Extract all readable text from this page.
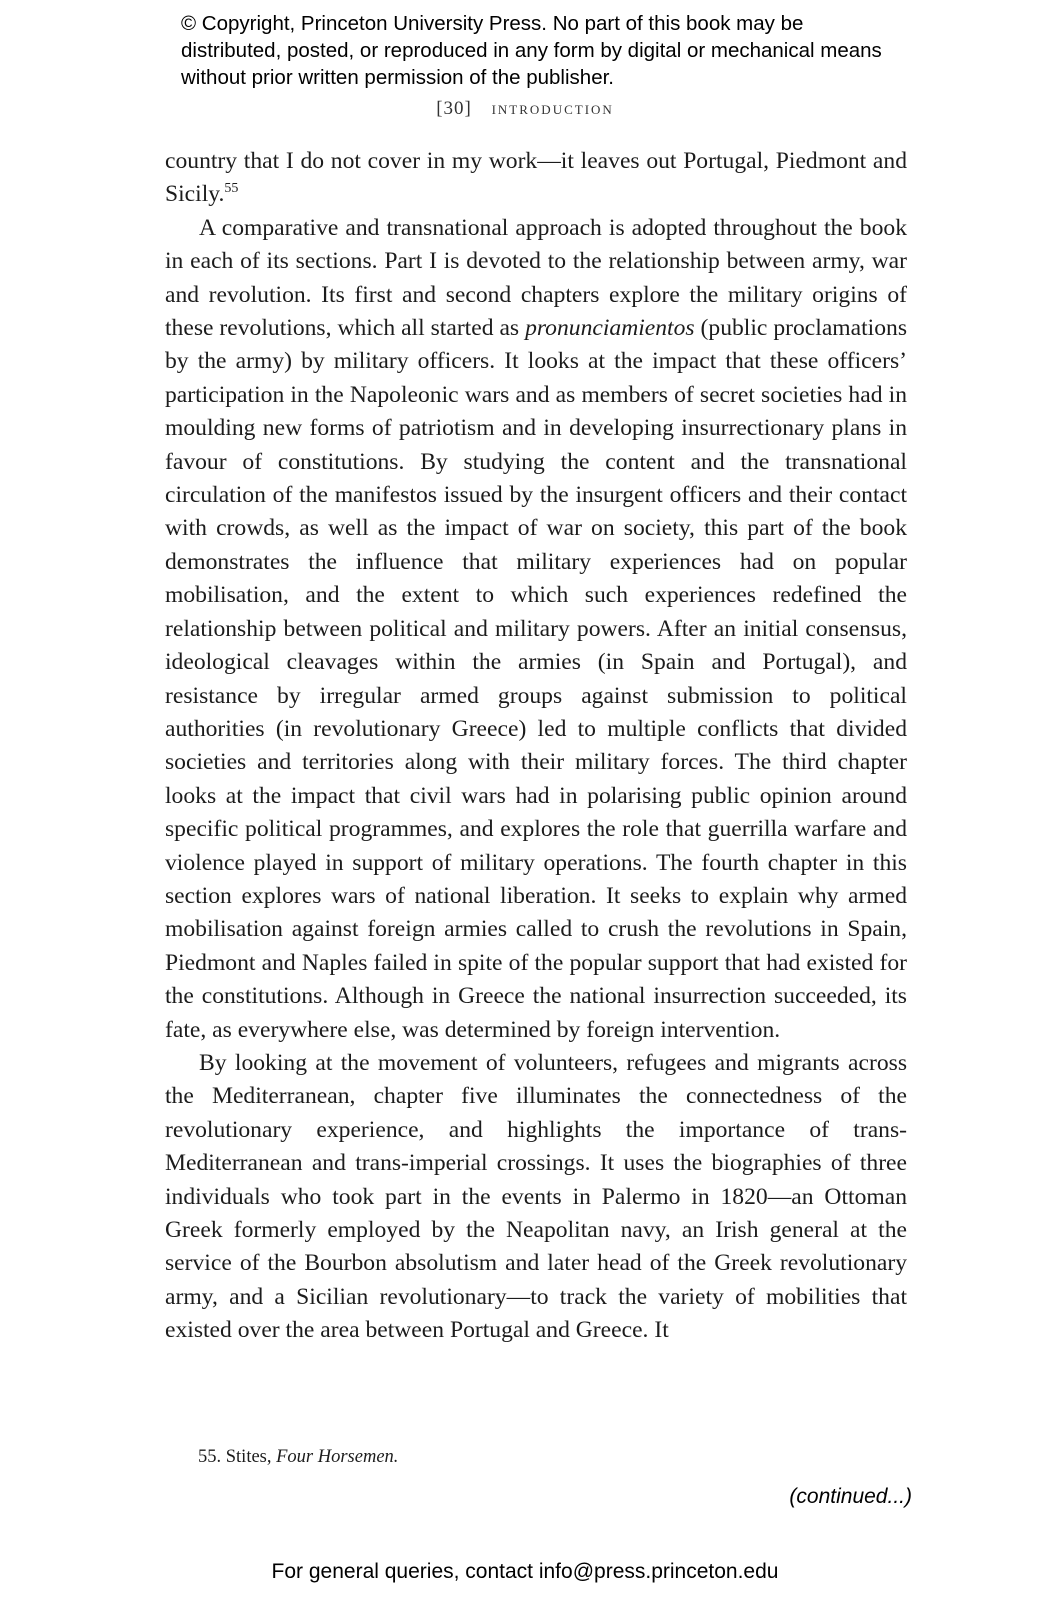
© Copyright, Princeton University Press. No part of this book may be distributed, posted, or reproduced in any form by digital or mechanical means without prior written permission of the publisher.
[30] introduction

country that I do not cover in my work—it leaves out Portugal, Piedmont and Sicily.$^{55}$

A comparative and transnational approach is adopted throughout the book in each of its sections. Part I is devoted to the relationship between army, war and revolution. Its first and second chapters explore the military origins of these revolutions, which all started as pronunciamientos (public proclamations by the army) by military officers. It looks at the impact that these officers’ participation in the Napoleonic wars and as members of secret societies had in moulding new forms of patriotism and in developing insurrectionary plans in favour of constitutions. By studying the content and the transnational circulation of the manifestos issued by the insurgent officers and their contact with crowds, as well as the impact of war on society, this part of the book demonstrates the influence that military experiences had on popular mobilisation, and the extent to which such experiences redefined the relationship between political and military powers. After an initial consensus, ideological cleavages within the armies (in Spain and Portugal), and resistance by irregular armed groups against submission to political authorities (in revolutionary Greece) led to multiple conflicts that divided societies and territories along with their military forces. The third chapter looks at the impact that civil wars had in polarising public opinion around specific political programmes, and explores the role that guerrilla warfare and violence played in support of military operations. The fourth chapter in this section explores wars of national liberation. It seeks to explain why armed mobilisation against foreign armies called to crush the revolutions in Spain, Piedmont and Naples failed in spite of the popular support that had existed for the constitutions. Although in Greece the national insurrection succeeded, its fate, as everywhere else, was determined by foreign intervention.

By looking at the movement of volunteers, refugees and migrants across the Mediterranean, chapter five illuminates the connectedness of the revolutionary experience, and highlights the importance of trans-Mediterranean and trans-imperial crossings. It uses the biographies of three individuals who took part in the events in Palermo in 1820—an Ottoman Greek formerly employed by the Neapolitan navy, an Irish general at the service of the Bourbon absolutism and later head of the Greek revolutionary army, and a Sicilian revolutionary—to track the variety of mobilities that existed over the area between Portugal and Greece. It

55. Stites, Four Horsemen.
(continued...)
For general queries, contact info@press.princeton.edu
